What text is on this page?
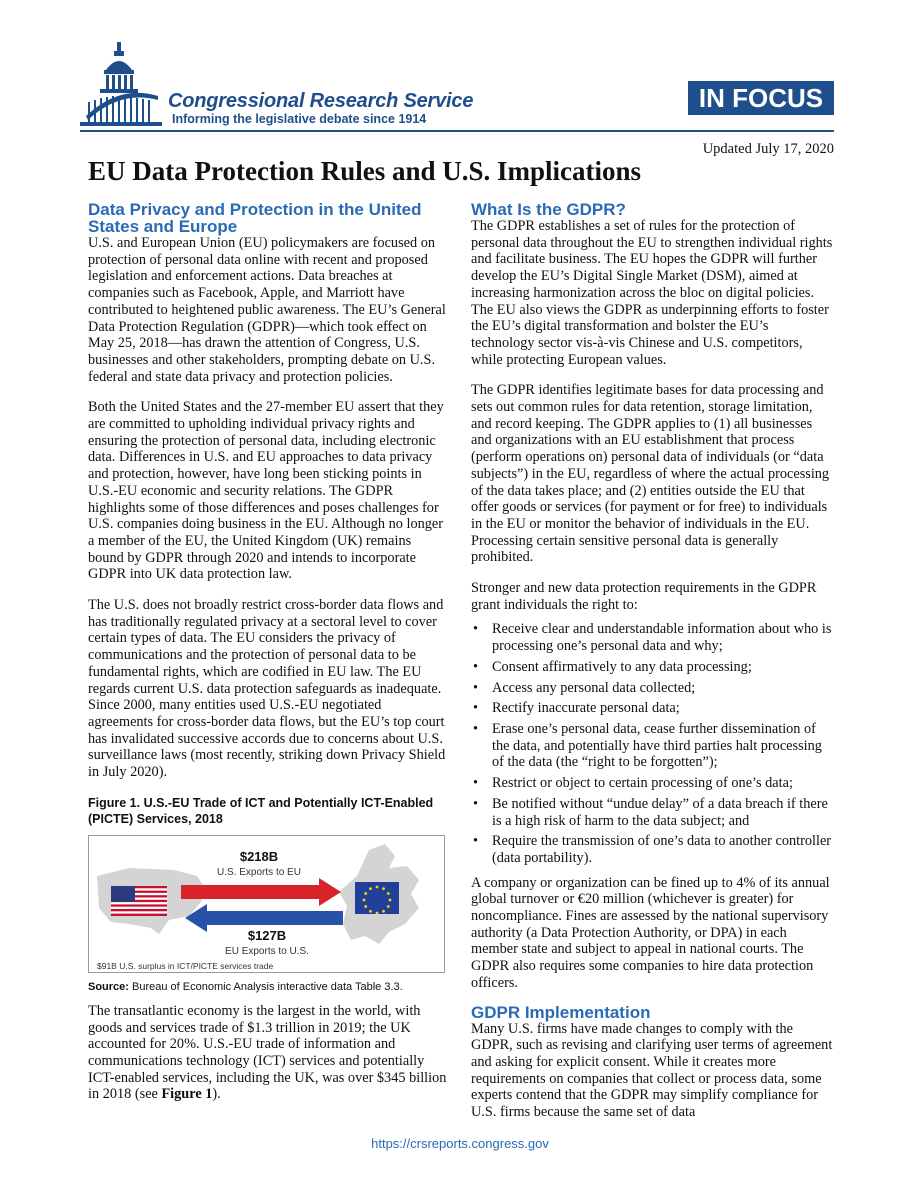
Congressional Research Service
Informing the legislative debate since 1914
IN FOCUS
Updated July 17, 2020
EU Data Protection Rules and U.S. Implications
Data Privacy and Protection in the United States and Europe

U.S. and European Union (EU) policymakers are focused on protection of personal data online with recent and proposed legislation and enforcement actions. Data breaches at companies such as Facebook, Apple, and Marriott have contributed to heightened public awareness. The EU’s General Data Protection Regulation (GDPR)—which took effect on May 25, 2018—has drawn the attention of Congress, U.S. businesses and other stakeholders, prompting debate on U.S. federal and state data privacy and protection policies.

Both the United States and the 27-member EU assert that they are committed to upholding individual privacy rights and ensuring the protection of personal data, including electronic data. Differences in U.S. and EU approaches to data privacy and protection, however, have long been sticking points in U.S.-EU economic and security relations. The GDPR highlights some of those differences and poses challenges for U.S. companies doing business in the EU. Although no longer a member of the EU, the United Kingdom (UK) remains bound by GDPR through 2020 and intends to incorporate GDPR into UK data protection law.

The U.S. does not broadly restrict cross-border data flows and has traditionally regulated privacy at a sectoral level to cover certain types of data. The EU considers the privacy of communications and the protection of personal data to be fundamental rights, which are codified in EU law. The EU regards current U.S. data protection safeguards as inadequate. Since 2000, many entities used U.S.-EU negotiated agreements for cross-border data flows, but the EU’s top court has invalidated successive accords due to concerns about U.S. surveillance laws (most recently, striking down Privacy Shield in July 2020).

Figure 1. U.S.-EU Trade of ICT and Potentially ICT-Enabled (PICTE) Services, 2018
$218B
U.S. Exports to EU
$127B
EU Exports to U.S.
$91B U.S. surplus in ICT/PICTE services trade
Source: Bureau of Economic Analysis interactive data Table 3.3.

The transatlantic economy is the largest in the world, with goods and services trade of $1.3 trillion in 2019; the UK accounted for 20%. U.S.-EU trade of information and communications technology (ICT) services and potentially ICT-enabled services, including the UK, was over $345 billion in 2018 (see Figure 1).

What Is the GDPR?

The GDPR establishes a set of rules for the protection of personal data throughout the EU to strengthen individual rights and facilitate business. The EU hopes the GDPR will further develop the EU’s Digital Single Market (DSM), aimed at increasing harmonization across the bloc on digital policies. The EU also views the GDPR as underpinning efforts to foster the EU’s digital transformation and bolster the EU’s technology sector vis-à-vis Chinese and U.S. competitors, while protecting European values.

The GDPR identifies legitimate bases for data processing and sets out common rules for data retention, storage limitation, and record keeping. The GDPR applies to (1) all businesses and organizations with an EU establishment that process (perform operations on) personal data of individuals (or “data subjects”) in the EU, regardless of where the actual processing of the data takes place; and (2) entities outside the EU that offer goods or services (for payment or for free) to individuals in the EU or monitor the behavior of individuals in the EU. Processing certain sensitive personal data is generally prohibited.

Stronger and new data protection requirements in the GDPR grant individuals the right to:

• Receive clear and understandable information about who is processing one’s personal data and why;
• Consent affirmatively to any data processing;
• Access any personal data collected;
• Rectify inaccurate personal data;
• Erase one’s personal data, cease further dissemination of the data, and potentially have third parties halt processing of the data (the “right to be forgotten”);
• Restrict or object to certain processing of one’s data;
• Be notified without “undue delay” of a data breach if there is a high risk of harm to the data subject; and
• Require the transmission of one’s data to another controller (data portability).

A company or organization can be fined up to 4% of its annual global turnover or €20 million (whichever is greater) for noncompliance. Fines are assessed by the national supervisory authority (a Data Protection Authority, or DPA) in each member state and subject to appeal in national courts. The GDPR also requires some companies to hire data protection officers.

GDPR Implementation

Many U.S. firms have made changes to comply with the GDPR, such as revising and clarifying user terms of agreement and asking for explicit consent. While it creates more requirements on companies that collect or process data, some experts contend that the GDPR may simplify compliance for U.S. firms because the same set of data

https://crsreports.congress.gov
